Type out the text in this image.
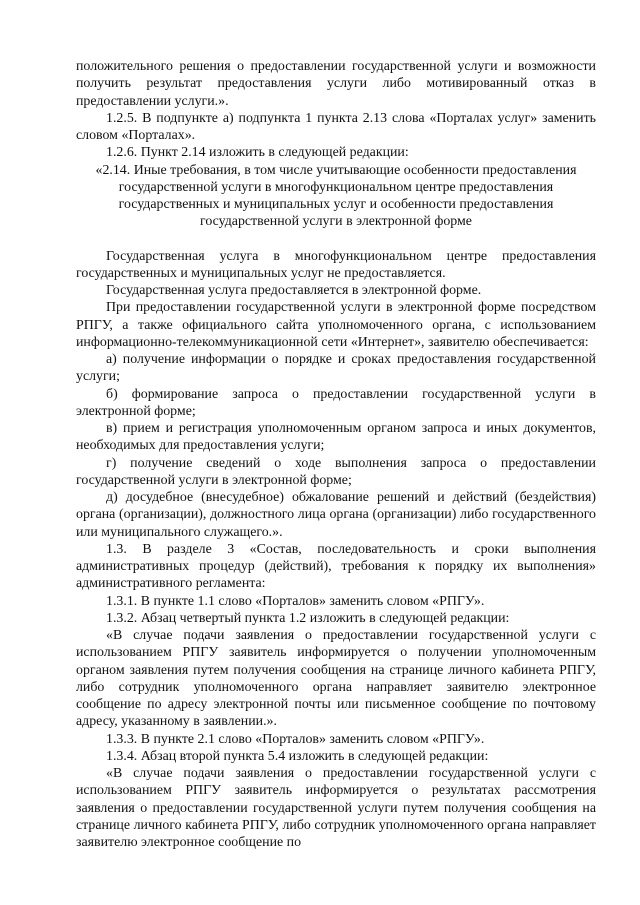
положительного решения о предоставлении государственной услуги и возможности получить результат предоставления услуги либо мотивированный отказ в предоставлении услуги.».

1.2.5. В подпункте а) подпункта 1 пункта 2.13 слова «Порталах услуг» заменить словом «Порталах».

1.2.6. Пункт 2.14 изложить в следующей редакции:

«2.14. Иные требования, в том числе учитывающие особенности предоставления государственной услуги в многофункциональном центре предоставления государственных и муниципальных услуг и особенности предоставления государственной услуги в электронной форме

Государственная услуга в многофункциональном центре предоставления государственных и муниципальных услуг не предоставляется.

Государственная услуга предоставляется в электронной форме.

При предоставлении государственной услуги в электронной форме посредством РПГУ, а также официального сайта уполномоченного органа, с использованием информационно-телекоммуникационной сети «Интернет», заявителю обеспечивается:

а) получение информации о порядке и сроках предоставления государственной услуги;

б) формирование запроса о предоставлении государственной услуги в электронной форме;

в) прием и регистрация уполномоченным органом запроса и иных документов, необходимых для предоставления услуги;

г) получение сведений о ходе выполнения запроса о предоставлении государственной услуги в электронной форме;

д) досудебное (внесудебное) обжалование решений и действий (бездействия) органа (организации), должностного лица органа (организации) либо государственного или муниципального служащего.».

1.3. В разделе 3 «Состав, последовательность и сроки выполнения административных процедур (действий), требования к порядку их выполнения» административного регламента:

1.3.1. В пункте 1.1 слово «Порталов» заменить словом «РПГУ».

1.3.2. Абзац четвертый пункта 1.2 изложить в следующей редакции:

«В случае подачи заявления о предоставлении государственной услуги с использованием РПГУ заявитель информируется о получении уполномоченным органом заявления путем получения сообщения на странице личного кабинета РПГУ, либо сотрудник уполномоченного органа направляет заявителю электронное сообщение по адресу электронной почты или письменное сообщение по почтовому адресу, указанному в заявлении.».

1.3.3. В пункте 2.1 слово «Порталов» заменить словом «РПГУ».

1.3.4. Абзац второй пункта 5.4 изложить в следующей редакции:

«В случае подачи заявления о предоставлении государственной услуги с использованием РПГУ заявитель информируется о результатах рассмотрения заявления о предоставлении государственной услуги путем получения сообщения на странице личного кабинета РПГУ, либо сотрудник уполномоченного органа направляет заявителю электронное сообщение по
